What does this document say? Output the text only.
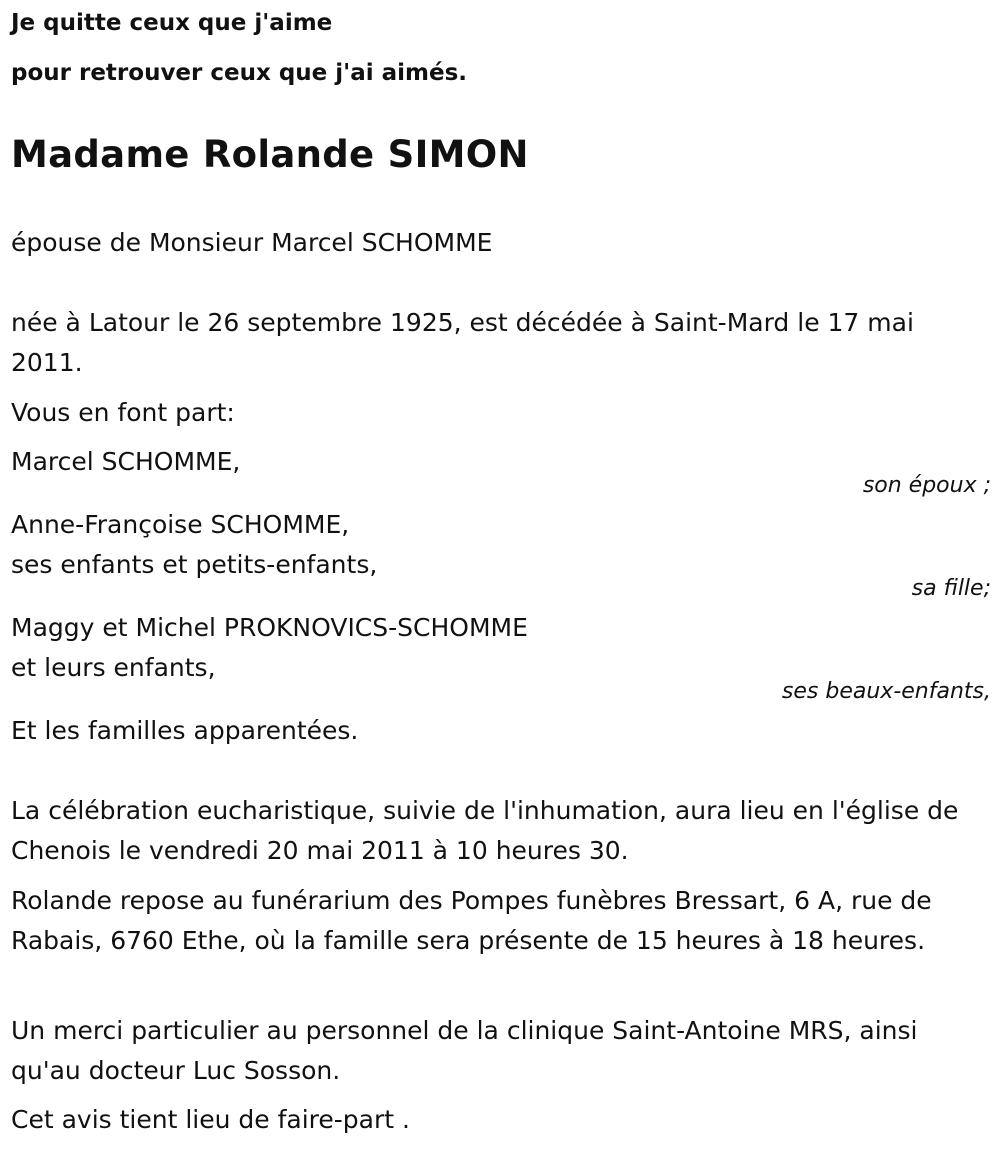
Je quitte ceux que j'aime

pour retrouver ceux que j'ai aimés.

Madame Rolande SIMON

épouse de Monsieur Marcel SCHOMME

née à Latour le 26 septembre 1925, est décédée à Saint-Mard le 17 mai 2011.

Vous en font part:

Marcel SCHOMME,

son époux ;

Anne-Françoise SCHOMME,

ses enfants et petits-enfants,

sa fille;

Maggy et Michel PROKNOVICS-SCHOMME

et leurs enfants,

ses beaux-enfants,

Et les familles apparentées.

La célébration eucharistique, suivie de l'inhumation, aura lieu en l'église de Chenois le vendredi 20 mai 2011 à 10 heures 30.

Rolande repose au funérarium des Pompes funèbres Bressart, 6 A, rue de Rabais, 6760 Ethe, où la famille sera présente de 15 heures à 18 heures.

Un merci particulier au personnel de la clinique Saint-Antoine MRS, ainsi qu'au docteur Luc Sosson.

Cet avis tient lieu de faire-part .
